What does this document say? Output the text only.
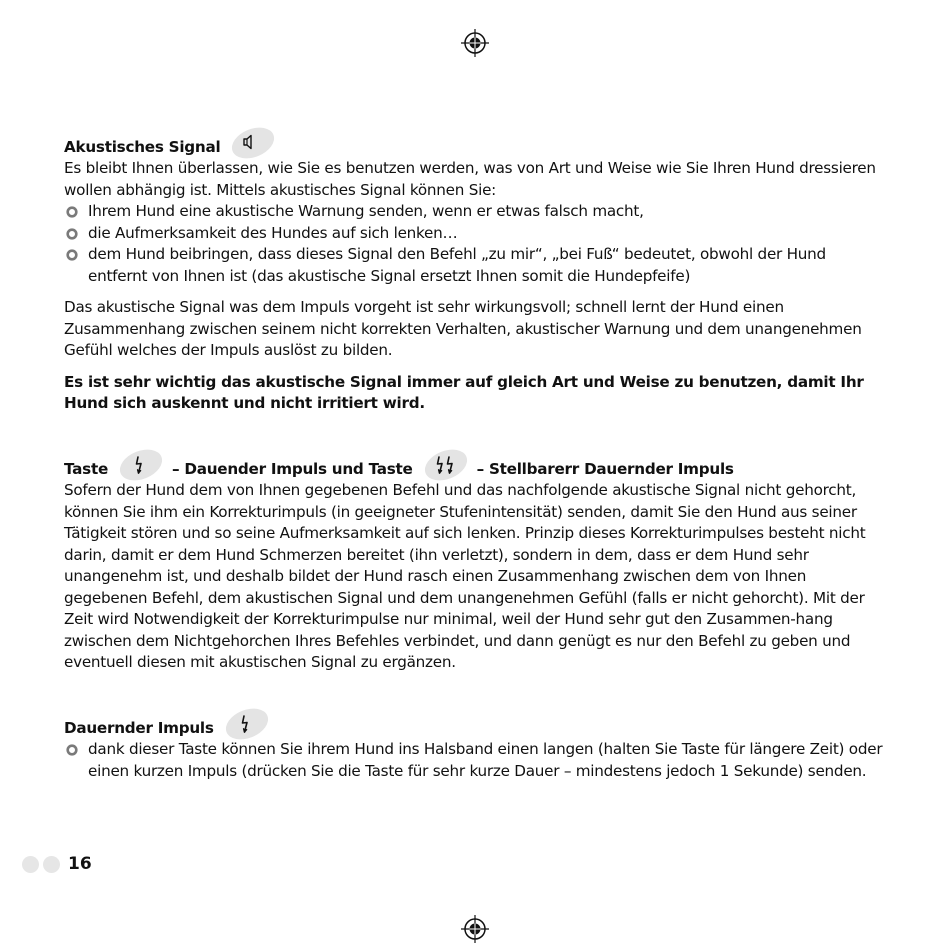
Akustisches Signal

Es bleibt Ihnen überlassen, wie Sie es benutzen werden, was von Art und Weise wie Sie Ihren Hund dressieren wollen abhängig ist. Mittels akustisches Signal können Sie:

Ihrem Hund eine akustische Warnung senden, wenn er etwas falsch macht,
die Aufmerksamkeit des Hundes auf sich lenken…
dem Hund beibringen, dass dieses Signal den Befehl „zu mir“, „bei Fuß“ bedeutet, obwohl der Hund entfernt von Ihnen ist (das akustische Signal ersetzt Ihnen somit die Hundepfeife)

Das akustische Signal was dem Impuls vorgeht ist sehr wirkungsvoll; schnell lernt der Hund einen Zusammenhang zwischen seinem nicht korrekten Verhalten, akustischer Warnung und dem unangenehmen Gefühl welches der Impuls auslöst zu bilden.

Es ist sehr wichtig das akustische Signal immer auf gleich Art und Weise zu benutzen, damit Ihr Hund sich auskennt und nicht irritiert wird.

Taste	– Dauender Impuls und Taste	– Stellbarerr Dauernder Impuls

Sofern der Hund dem von Ihnen gegebenen Befehl und das nachfolgende akustische Signal nicht gehorcht, können Sie ihm ein Korrekturimpuls (in geeigneter Stufenintensität) senden, damit Sie den Hund aus seiner Tätigkeit stören und so seine Aufmerksamkeit auf sich lenken. Prinzip dieses Korrekturimpulses besteht nicht darin, damit er dem Hund Schmerzen bereitet (ihn verletzt), sondern in dem, dass er dem Hund sehr unangenehm ist, und deshalb bildet der Hund rasch einen Zusammenhang zwischen dem von Ihnen gegebenen Befehl, dem akustischen Signal und dem unangenehmen Gefühl (falls er nicht gehorcht). Mit der Zeit wird Notwendigkeit der Korrekturimpulse nur minimal, weil der Hund sehr gut den Zusammen-hang zwischen dem Nichtgehorchen Ihres Befehles verbindet, und dann genügt es nur den Befehl zu geben und eventuell diesen mit akustischen Signal zu ergänzen.

Dauernder Impuls
dank dieser Taste können Sie ihrem Hund ins Halsband einen langen (halten Sie Taste für längere Zeit) oder einen kurzen Impuls (drücken Sie die Taste für sehr kurze Dauer – mindestens jedoch 1 Sekunde) senden.
16
